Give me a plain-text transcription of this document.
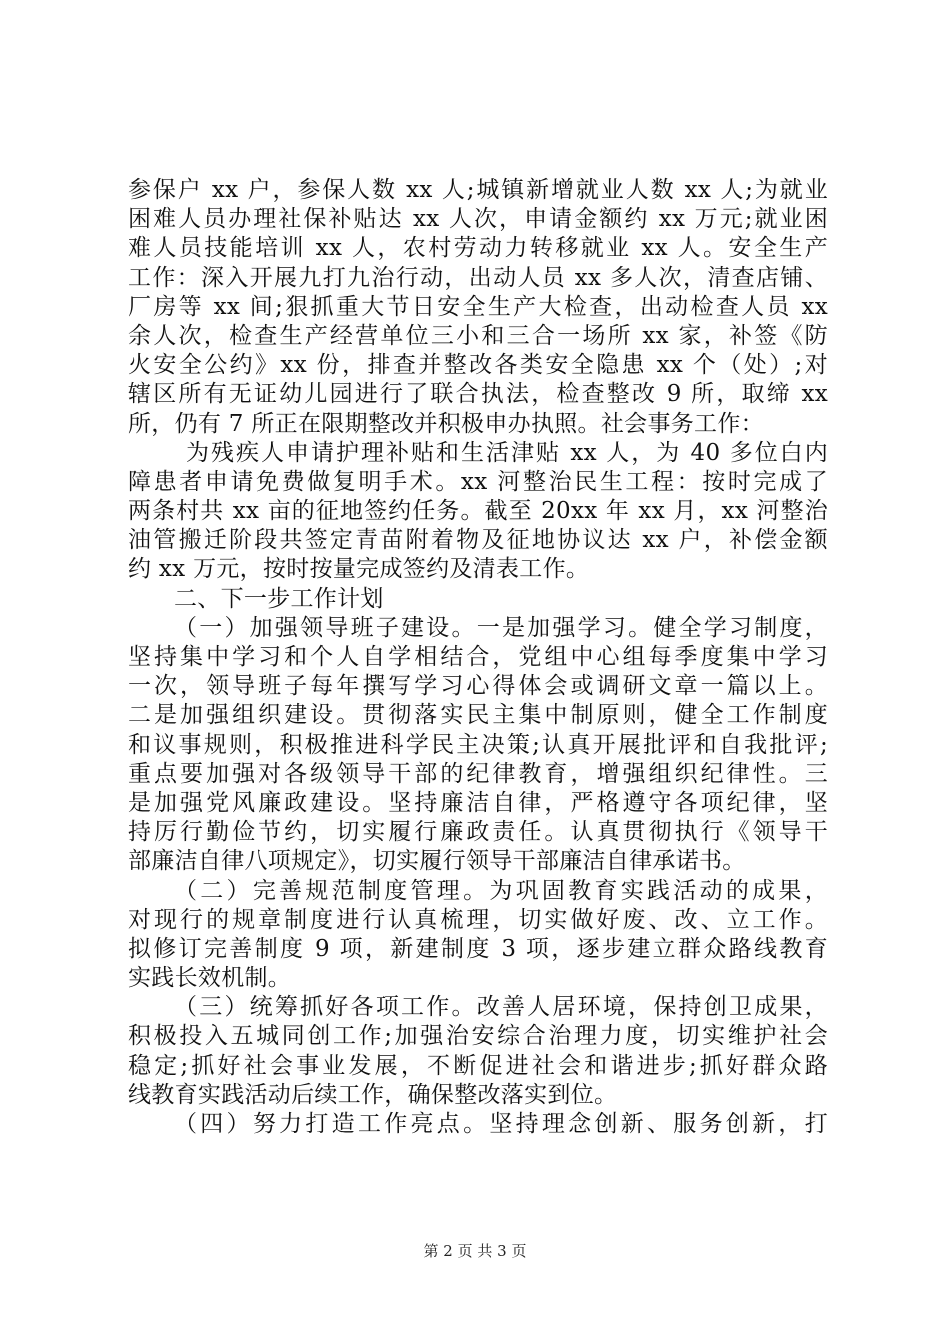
参保户 xx 户，参保人数 xx 人;城镇新增就业人数 xx 人;为就业
困难人员办理社保补贴达 xx 人次，申请金额约 xx 万元;就业困
难人员技能培训 xx 人，农村劳动力转移就业 xx 人。安全生产
工作：深入开展九打九治行动，出动人员 xx 多人次，清查店铺、
厂房等 xx 间;狠抓重大节日安全生产大检查，出动检查人员 xx
余人次，检查生产经营单位三小和三合一场所 xx 家，补签《防
火安全公约》xx 份，排查并整改各类安全隐患 xx 个（处）;对
辖区所有无证幼儿园进行了联合执法，检查整改 9 所，取缔 xx
所，仍有 7 所正在限期整改并积极申办执照。社会事务工作：
为残疾人申请护理补贴和生活津贴 xx 人，为 40 多位白内
障患者申请免费做复明手术。xx 河整治民生工程：按时完成了
两条村共 xx 亩的征地签约任务。截至 20xx 年 xx 月，xx 河整治
油管搬迁阶段共签定青苗附着物及征地协议达 xx 户，补偿金额
约 xx 万元，按时按量完成签约及清表工作。
二、下一步工作计划
（一）加强领导班子建设。一是加强学习。健全学习制度，
坚持集中学习和个人自学相结合，党组中心组每季度集中学习
一次，领导班子每年撰写学习心得体会或调研文章一篇以上。
二是加强组织建设。贯彻落实民主集中制原则，健全工作制度
和议事规则，积极推进科学民主决策;认真开展批评和自我批评;
重点要加强对各级领导干部的纪律教育，增强组织纪律性。三
是加强党风廉政建设。坚持廉洁自律，严格遵守各项纪律，坚
持厉行勤俭节约，切实履行廉政责任。认真贯彻执行《领导干
部廉洁自律八项规定》，切实履行领导干部廉洁自律承诺书。
（二）完善规范制度管理。为巩固教育实践活动的成果，
对现行的规章制度进行认真梳理，切实做好废、改、立工作。
拟修订完善制度 9 项，新建制度 3 项，逐步建立群众路线教育
实践长效机制。
（三）统筹抓好各项工作。改善人居环境，保持创卫成果，
积极投入五城同创工作;加强治安综合治理力度，切实维护社会
稳定;抓好社会事业发展，不断促进社会和谐进步;抓好群众路
线教育实践活动后续工作，确保整改落实到位。
（四）努力打造工作亮点。坚持理念创新、服务创新，打
第 2 页 共 3 页
